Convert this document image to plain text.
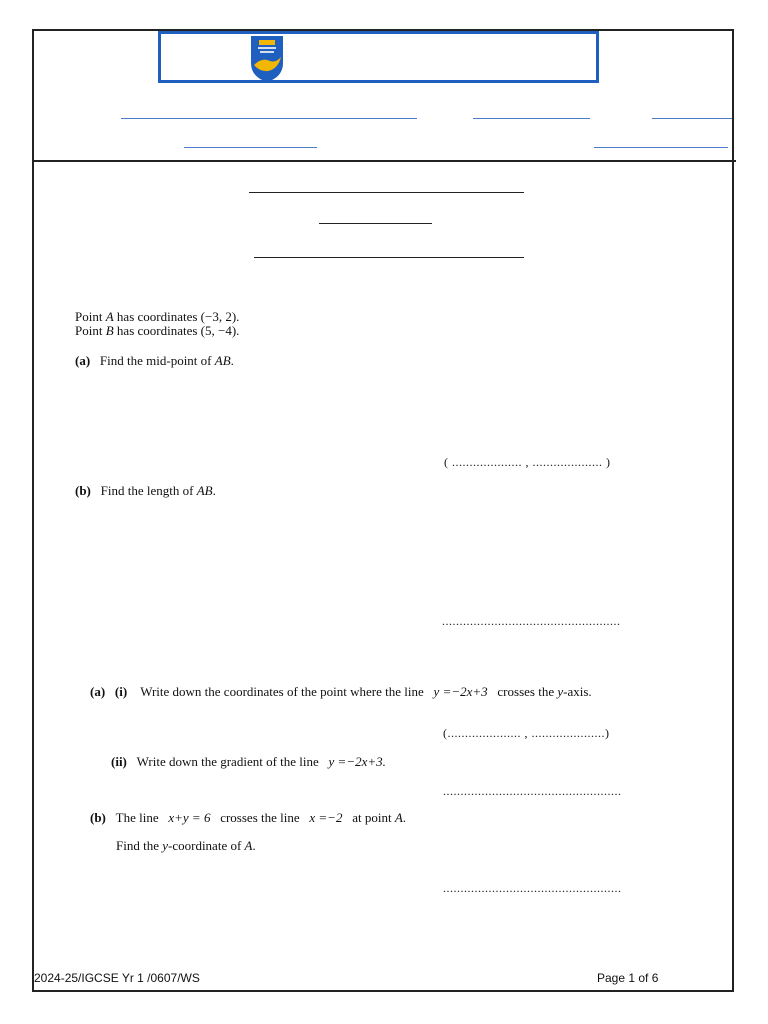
Point A has coordinates (−3, 2).
Point B has coordinates (5, −4).
(a) Find the mid-point of AB.
( .................... , .................... )
(b) Find the length of AB.
...................................................
(a) (i) Write down the coordinates of the point where the line y =−2x+3 crosses the y-axis.
(..................... , .....................)
(ii) Write down the gradient of the line y =−2x+3.
...................................................
(b) The line x+y = 6 crosses the line x =−2 at point A.
Find the y-coordinate of A.
...................................................
2024-25/IGCSE Yr 1 /0607/WS	Page 1 of 6
